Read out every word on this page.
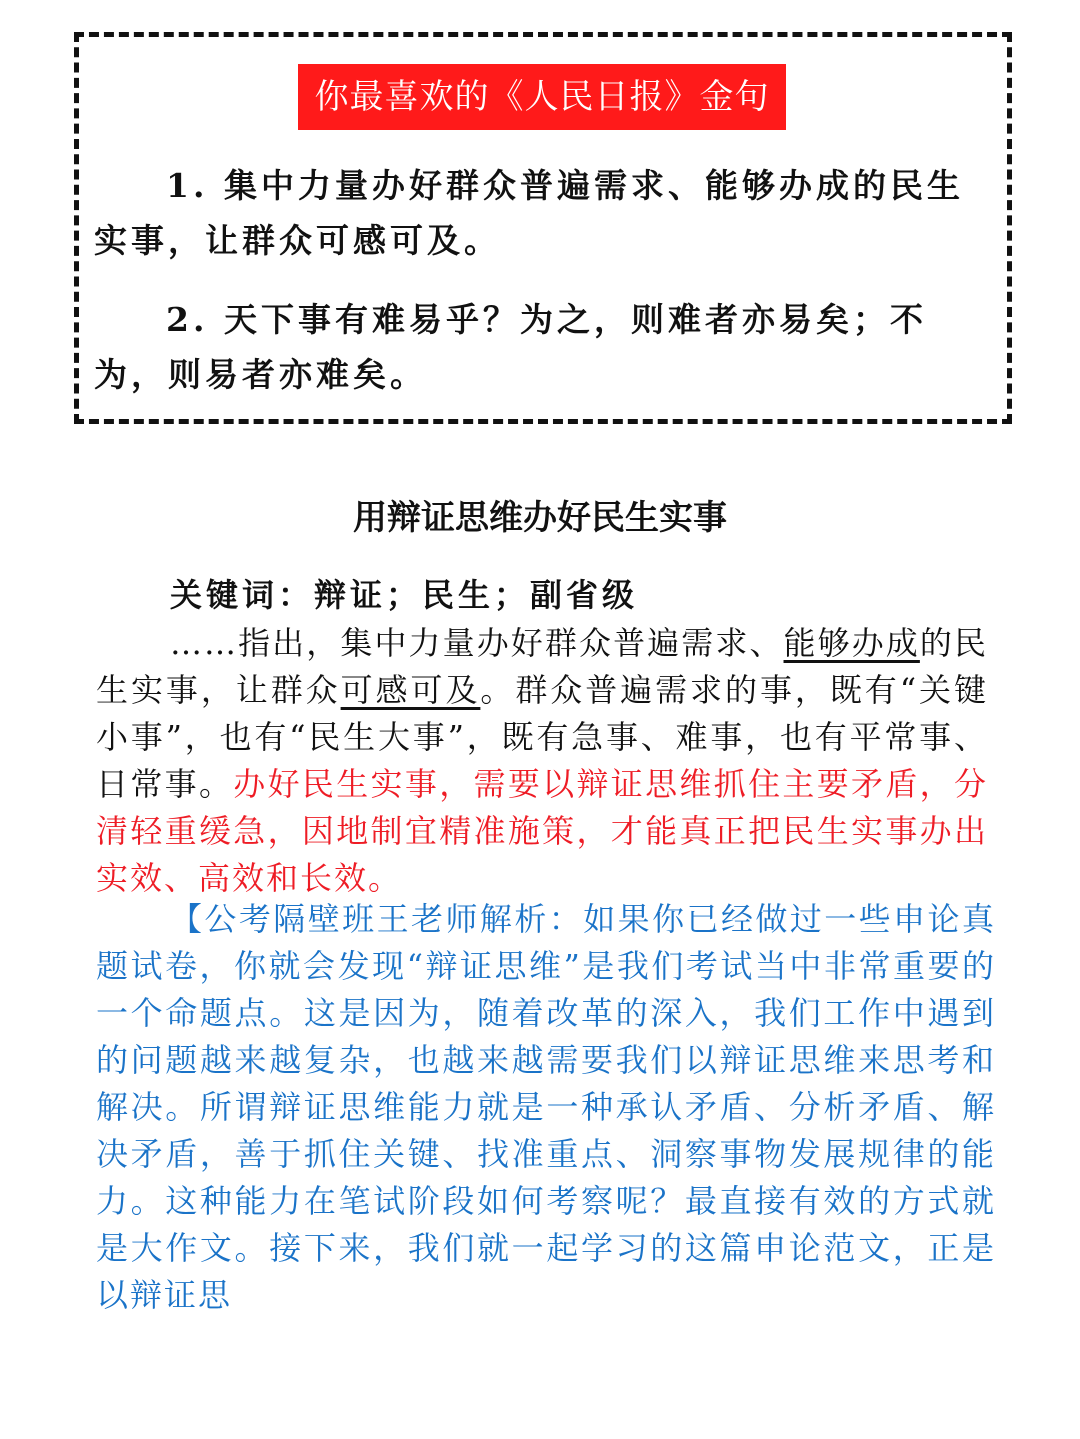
你最喜欢的《人民日报》金句

1. 集中力量办好群众普遍需求、能够办成的民生实事，让群众可感可及。

2. 天下事有难易乎？为之，则难者亦易矣；不为，则易者亦难矣。

用辩证思维办好民生实事

关键词：辩证；民生；副省级

……指出，集中力量办好群众普遍需求、能够办成的民生实事，让群众可感可及。群众普遍需求的事，既有“关键小事”，也有“民生大事”，既有急事、难事，也有平常事、日常事。办好民生实事，需要以辩证思维抓住主要矛盾，分清轻重缓急，因地制宜精准施策，才能真正把民生实事办出实效、高效和长效。

【公考隔壁班王老师解析：如果你已经做过一些申论真题试卷，你就会发现“辩证思维”是我们考试当中非常重要的一个命题点。这是因为，随着改革的深入，我们工作中遇到的问题越来越复杂，也越来越需要我们以辩证思维来思考和解决。所谓辩证思维能力就是一种承认矛盾、分析矛盾、解决矛盾，善于抓住关键、找准重点、洞察事物发展规律的能力。这种能力在笔试阶段如何考察呢？最直接有效的方式就是大作文。接下来，我们就一起学习的这篇申论范文，正是以辩证思
